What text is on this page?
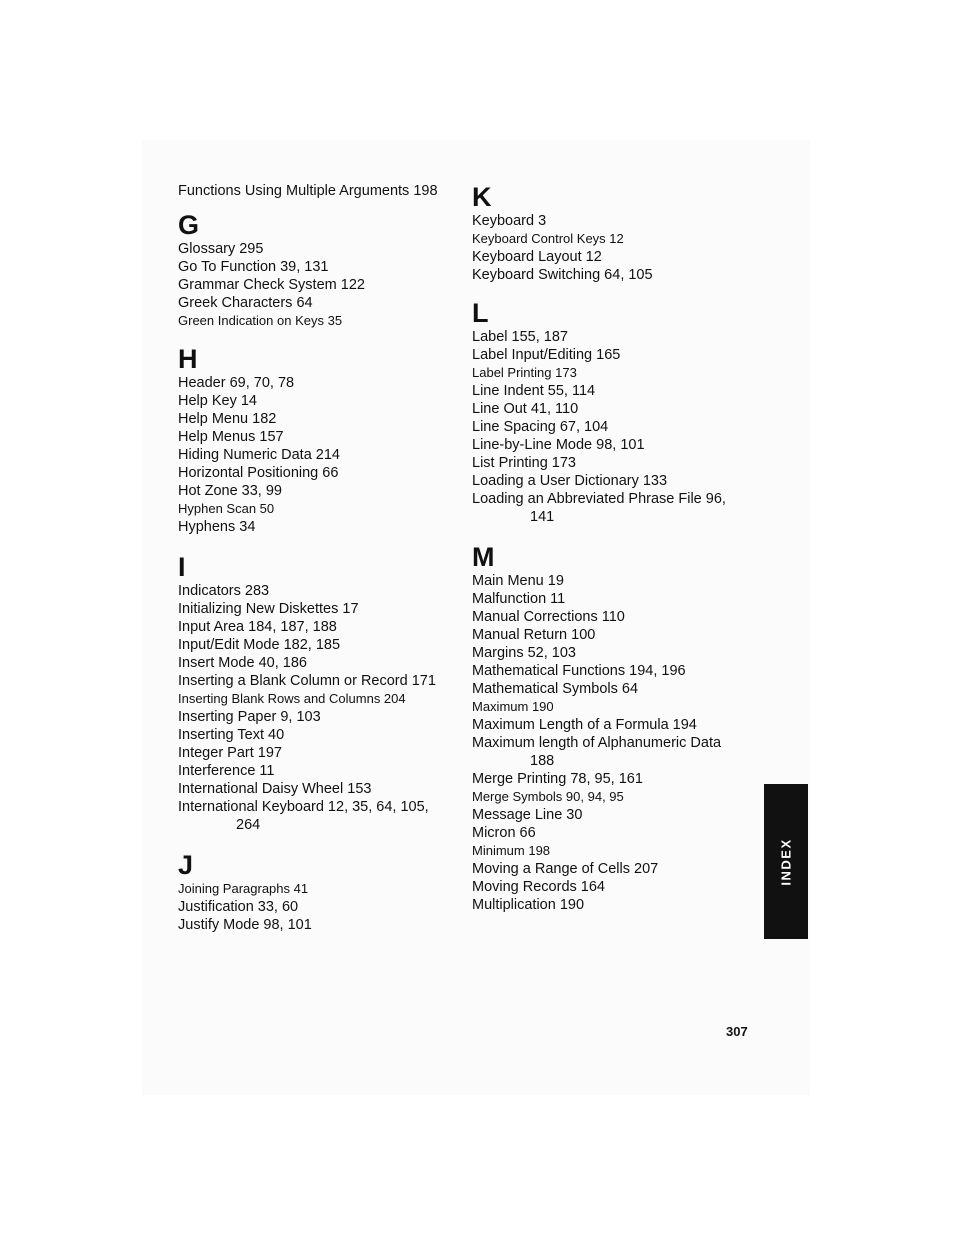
Functions Using Multiple Arguments 198

G

Glossary 295

Go To Function 39, 131

Grammar Check System 122

Greek Characters 64

Green Indication on Keys 35

H

Header 69, 70, 78

Help Key 14

Help Menu 182

Help Menus 157

Hiding Numeric Data 214

Horizontal Positioning 66

Hot Zone 33, 99

Hyphen Scan 50

Hyphens 34

I

Indicators 283

Initializing New Diskettes 17

Input Area 184, 187, 188

Input/Edit Mode 182, 185

Insert Mode 40, 186

Inserting a Blank Column or Record 171

Inserting Blank Rows and Columns 204

Inserting Paper 9, 103

Inserting Text 40

Integer Part 197

Interference 11

International Daisy Wheel 153

International Keyboard 12, 35, 64, 105,

264

J

Joining Paragraphs 41

Justification 33, 60

Justify Mode 98, 101

K

Keyboard 3

Keyboard Control Keys 12

Keyboard Layout 12

Keyboard Switching 64, 105

L

Label 155, 187

Label Input/Editing 165

Label Printing 173

Line Indent 55, 114

Line Out 41, 110

Line Spacing 67, 104

Line-by-Line Mode 98, 101

List Printing 173

Loading a User Dictionary 133

Loading an Abbreviated Phrase File 96,

141

M

Main Menu 19

Malfunction 11

Manual Corrections 110

Manual Return 100

Margins 52, 103

Mathematical Functions 194, 196

Mathematical Symbols 64

Maximum 190

Maximum Length of a Formula 194

Maximum length of Alphanumeric Data

188

Merge Printing 78, 95, 161

Merge Symbols 90, 94, 95

Message Line 30

Micron 66

Minimum 198

Moving a Range of Cells 207

Moving Records 164

Multiplication 190

INDEX
307
